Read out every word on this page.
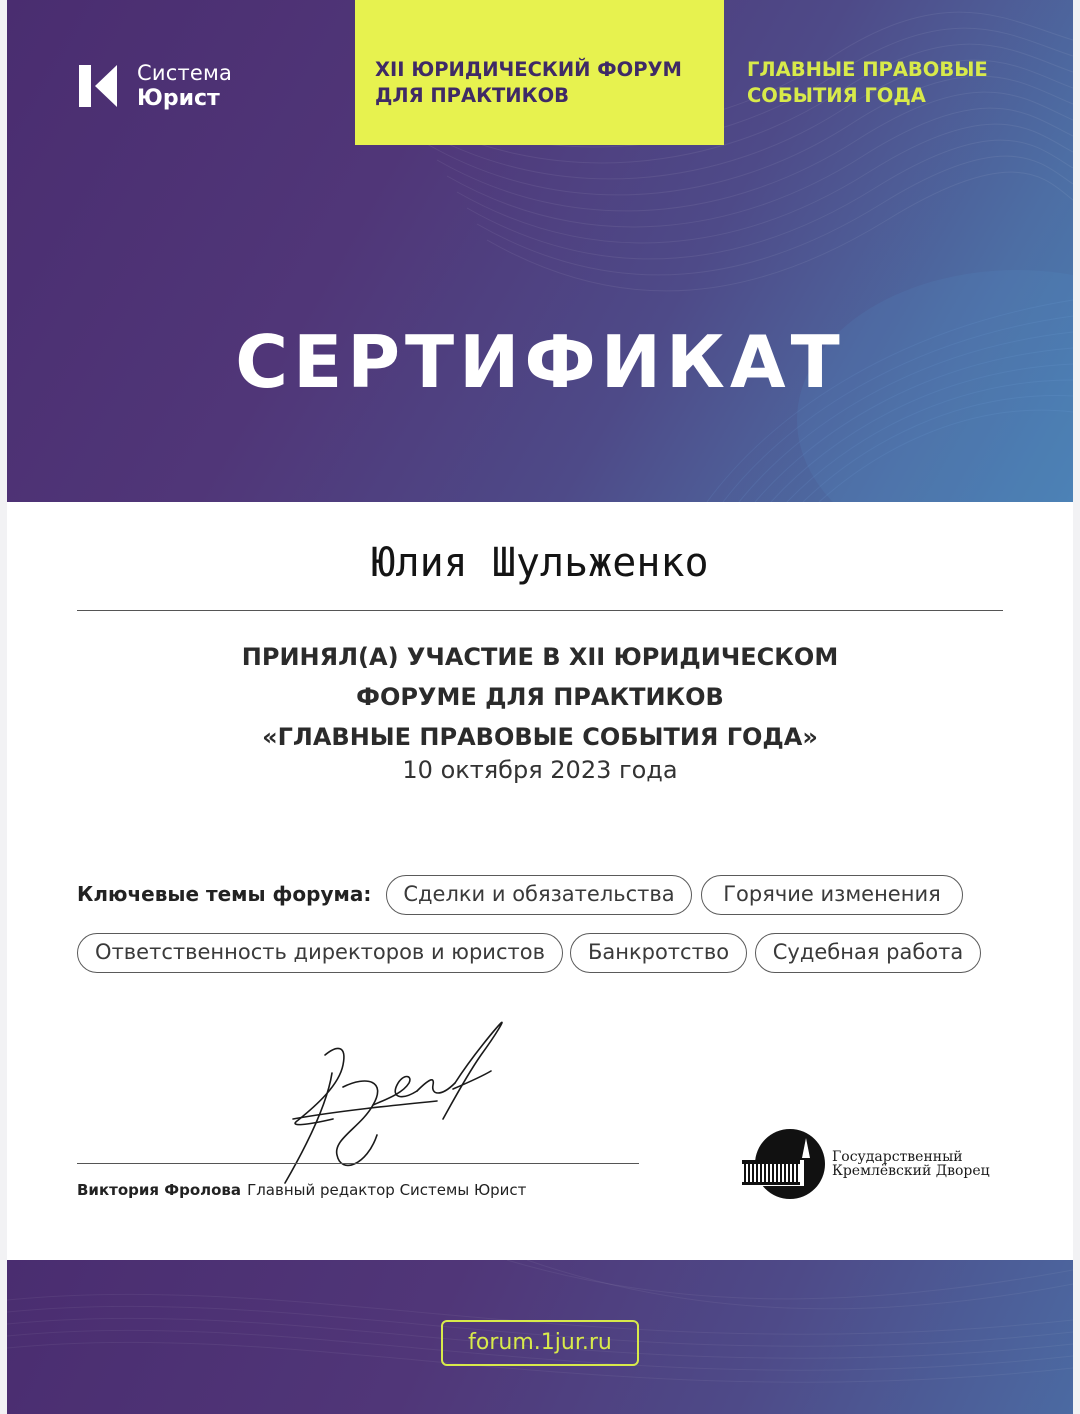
Система
Юрист
XII ЮРИДИЧЕСКИЙ ФОРУМ
ДЛЯ ПРАКТИКОВ
ГЛАВНЫЕ ПРАВОВЫЕ
СОБЫТИЯ ГОДА
СЕРТИФИКАТ
Юлия Шульженко
ПРИНЯЛ(А) УЧАСТИЕ В XII ЮРИДИЧЕСКОМ
ФОРУМЕ ДЛЯ ПРАКТИКОВ
«ГЛАВНЫЕ ПРАВОВЫЕ СОБЫТИЯ ГОДА»
10 октября 2023 года
Ключевые темы форума:	Сделки и обязательства	Горячие изменения
Ответственность директоров и юристов	Банкротство	Судебная работа
Виктория Фролова Главный редактор Системы Юрист
Государственный
Кремлёвский Дворец
forum.1jur.ru
